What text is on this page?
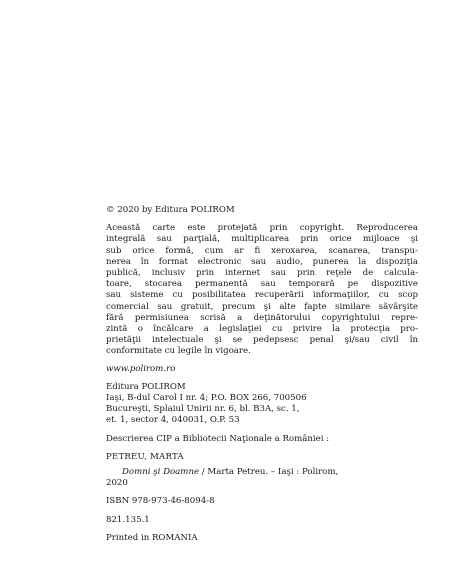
© 2020 by Editura POLIROM
Această carte este protejată prin copyright. Reproducerea
integrală sau parţială, multiplicarea prin orice mijloace şi
sub orice formă, cum ar fi xeroxarea, scanarea, transpu-
nerea în format electronic sau audio, punerea la dispoziţia
publică, inclusiv prin internet sau prin reţele de calcula-
toare, stocarea permanentă sau temporară pe dispozitive
sau sisteme cu posibilitatea recuperării informaţiilor, cu scop
comercial sau gratuit, precum şi alte fapte similare săvârşite
fără permisiunea scrisă a deţinătorului copyrightului repre-
zintă o încălcare a legislaţiei cu privire la protecţia pro-
prietăţii intelectuale şi se pedepsesc penal şi/sau civil în
conformitate cu legile în vigoare.
www.polirom.ro
Editura POLIROM
Iaşi, B-dul Carol I nr. 4; P.O. BOX 266, 700506
Bucureşti, Splaiul Unirii nr. 6, bl. B3A, sc. 1,
et. 1, sector 4, 040031, O.P. 53
Descrierea CIP a Bibliotecii Naţionale a României :
PETREU, MARTA
Domni şi Doamne / Marta Petreu. – Iaşi : Polirom,
2020
ISBN 978-973-46-8094-8
821.135.1
Printed in ROMANIA
